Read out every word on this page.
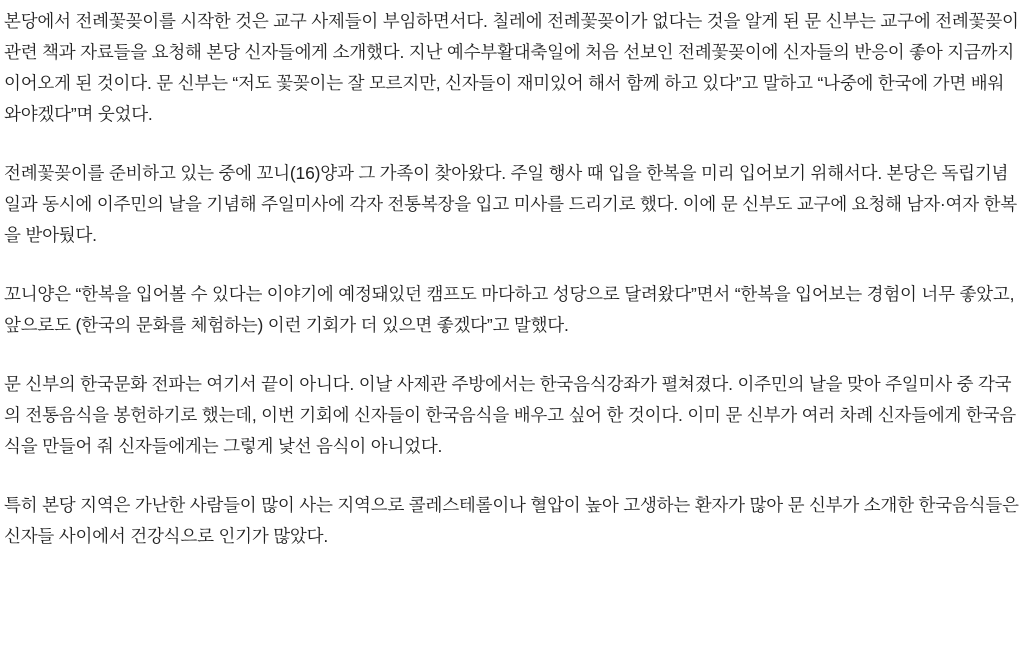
본당에서 전례꽃꽂이를 시작한 것은 교구 사제들이 부임하면서다. 칠레에 전례꽃꽂이가 없다는 것을 알게 된 문 신부는 교구에 전례꽃꽂이 관련 책과 자료들을 요청해 본당 신자들에게 소개했다. 지난 예수부활대축일에 처음 선보인 전례꽃꽂이에 신자들의 반응이 좋아 지금까지 이어오게 된 것이다. 문 신부는 “저도 꽃꽂이는 잘 모르지만, 신자들이 재미있어 해서 함께 하고 있다”고 말하고 “나중에 한국에 가면 배워와야겠다”며 웃었다.

전례꽃꽂이를 준비하고 있는 중에 꼬니(16)양과 그 가족이 찾아왔다. 주일 행사 때 입을 한복을 미리 입어보기 위해서다. 본당은 독립기념일과 동시에 이주민의 날을 기념해 주일미사에 각자 전통복장을 입고 미사를 드리기로 했다. 이에 문 신부도 교구에 요청해 남자·여자 한복을 받아뒀다.

꼬니양은 “한복을 입어볼 수 있다는 이야기에 예정돼있던 캠프도 마다하고 성당으로 달려왔다”면서 “한복을 입어보는 경험이 너무 좋았고, 앞으로도 (한국의 문화를 체험하는) 이런 기회가 더 있으면 좋겠다”고 말했다.

문 신부의 한국문화 전파는 여기서 끝이 아니다. 이날 사제관 주방에서는 한국음식강좌가 펼쳐졌다. 이주민의 날을 맞아 주일미사 중 각국의 전통음식을 봉헌하기로 했는데, 이번 기회에 신자들이 한국음식을 배우고 싶어 한 것이다. 이미 문 신부가 여러 차례 신자들에게 한국음식을 만들어 줘 신자들에게는 그렇게 낯선 음식이 아니었다.

특히 본당 지역은 가난한 사람들이 많이 사는 지역으로 콜레스테롤이나 혈압이 높아 고생하는 환자가 많아 문 신부가 소개한 한국음식들은 신자들 사이에서 건강식으로 인기가 많았다.
